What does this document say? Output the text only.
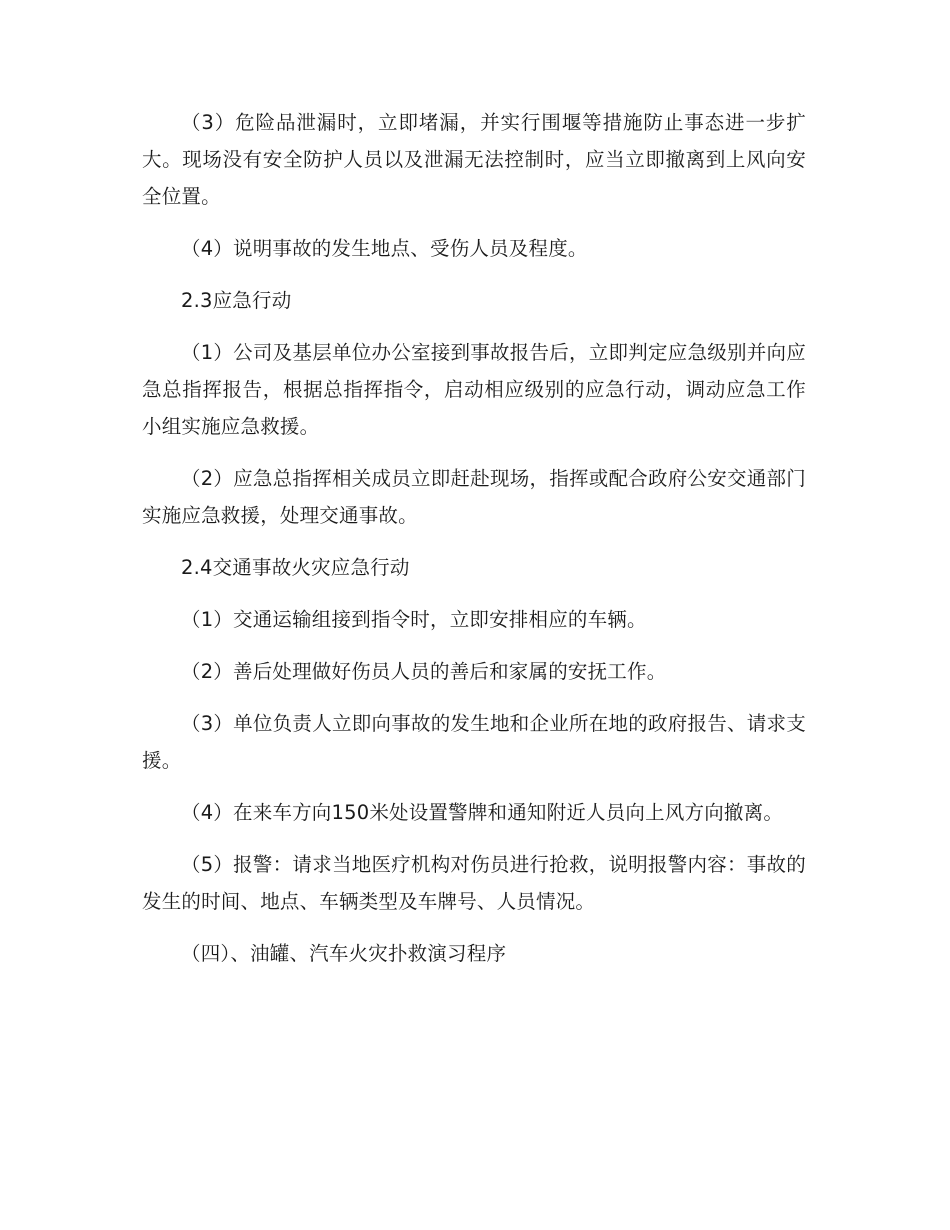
（3）危险品泄漏时，立即堵漏，并实行围堰等措施防止事态进一步扩大。现场没有安全防护人员以及泄漏无法控制时，应当立即撤离到上风向安全位置。

（4）说明事故的发生地点、受伤人员及程度。

2.3应急行动

（1）公司及基层单位办公室接到事故报告后，立即判定应急级别并向应急总指挥报告，根据总指挥指令，启动相应级别的应急行动，调动应急工作小组实施应急救援。

（2）应急总指挥相关成员立即赶赴现场，指挥或配合政府公安交通部门实施应急救援，处理交通事故。

2.4交通事故火灾应急行动

（1）交通运输组接到指令时，立即安排相应的车辆。

（2）善后处理做好伤员人员的善后和家属的安抚工作。

（3）单位负责人立即向事故的发生地和企业所在地的政府报告、请求支援。

（4）在来车方向150米处设置警牌和通知附近人员向上风方向撤离。

（5）报警：请求当地医疗机构对伤员进行抢救，说明报警内容：事故的发生的时间、地点、车辆类型及车牌号、人员情况。

（四）、油罐、汽车火灾扑救演习程序
